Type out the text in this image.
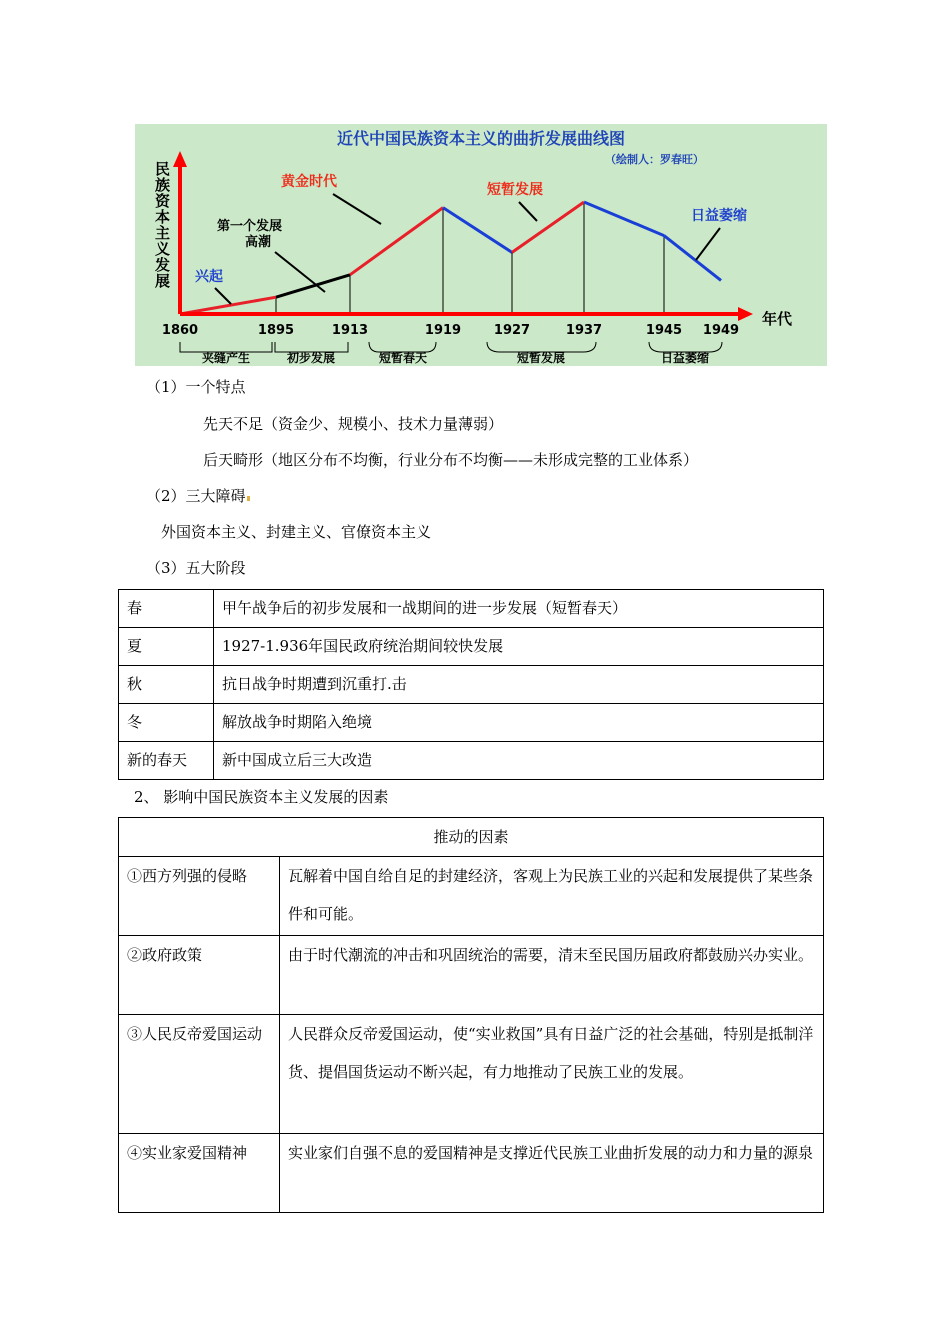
近代中国民族资本主义的曲折发展曲线图
（绘制人：罗春旺）
民族资本主义发展
年代
1860	1895	1913	1919	1927	1937	1945 1949
夹缝产生	初步发展	短暂春天	短暂发展	日益萎缩
兴起
第一个发展 高潮
黄金时代	短暂发展
日益萎缩
（1）一个特点
先天不足（资金少、规模小、技术力量薄弱）
后天畸形（地区分布不均衡，行业分布不均衡——未形成完整的工业体系）
（2）三大障碍
外国资本主义、封建主义、官僚资本主义
（3）五大阶段
春	甲午战争后的初步发展和一战期间的进一步发展（短暂春天）
夏	1927-1.936年国民政府统治期间较快发展
秋	抗日战争时期遭到沉重打.击
冬	解放战争时期陷入绝境
新的春天	新中国成立后三大改造
2、 影响中国民族资本主义发展的因素
推动的因素	
①西方列强的侵略	瓦解着中国自给自足的封建经济，客观上为民族工业的兴起和发展提供了某些条件和可能。
②政府政策	由于时代潮流的冲击和巩固统治的需要，清末至民国历届政府都鼓励兴办实业。
③人民反帝爱国运动	人民群众反帝爱国运动，使“实业救国”具有日益广泛的社会基础，特别是抵制洋货、提倡国货运动不断兴起，有力地推动了民族工业的发展。
④实业家爱国精神	实业家们自强不息的爱国精神是支撑近代民族工业曲折发展的动力和力量的源泉
